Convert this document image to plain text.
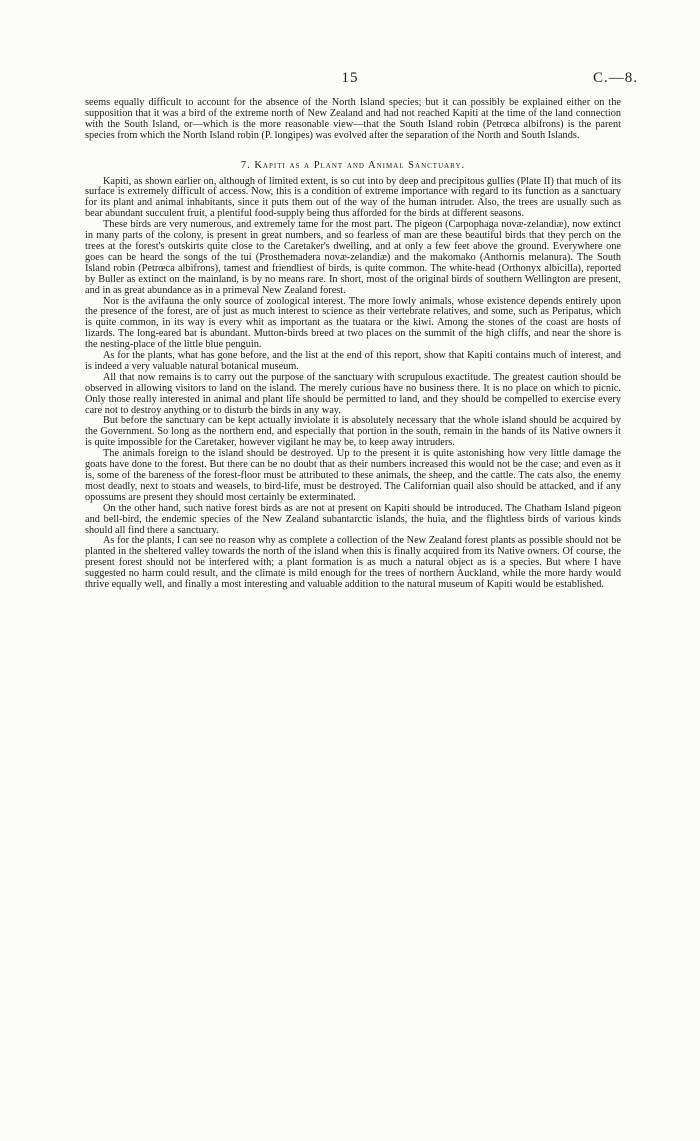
15	C.—8.

seems equally difficult to account for the absence of the North Island species; but it can possibly be explained either on the supposition that it was a bird of the extreme north of New Zealand and had not reached Kapiti at the time of the land connection with the South Island, or—which is the more reasonable view—that the South Island robin (Petrœca albifrons) is the parent species from which the North Island robin (P. longipes) was evolved after the separation of the North and South Islands.

7. Kapiti as a Plant and Animal Sanctuary.

Kapiti, as shown earlier on, although of limited extent, is so cut into by deep and precipitous gullies (Plate II) that much of its surface is extremely difficult of access. Now, this is a condition of extreme importance with regard to its function as a sanctuary for its plant and animal inhabitants, since it puts them out of the way of the human intruder. Also, the trees are usually such as bear abundant succulent fruit, a plentiful food-supply being thus afforded for the birds at different seasons.

These birds are very numerous, and extremely tame for the most part. The pigeon (Carpophaga novæ-zelandiæ), now extinct in many parts of the colony, is present in great numbers, and so fearless of man are these beautiful birds that they perch on the trees at the forest's outskirts quite close to the Caretaker's dwelling, and at only a few feet above the ground. Everywhere one goes can be heard the songs of the tui (Prosthemadera novæ-zelandiæ) and the makomako (Anthornis melanura). The South Island robin (Petrœca albifrons), tamest and friendliest of birds, is quite common. The white-head (Orthonyx albicilla), reported by Buller as extinct on the mainland, is by no means rare. In short, most of the original birds of southern Wellington are present, and in as great abundance as in a primeval New Zealand forest.

Nor is the avifauna the only source of zoological interest. The more lowly animals, whose existence depends entirely upon the presence of the forest, are of just as much interest to science as their vertebrate relatives, and some, such as Peripatus, which is quite common, in its way is every whit as important as the tuatara or the kiwi. Among the stones of the coast are hosts of lizards. The long-eared bat is abundant. Mutton-birds breed at two places on the summit of the high cliffs, and near the shore is the nesting-place of the little blue penguin.

As for the plants, what has gone before, and the list at the end of this report, show that Kapiti contains much of interest, and is indeed a very valuable natural botanical museum.

All that now remains is to carry out the purpose of the sanctuary with scrupulous exactitude. The greatest caution should be observed in allowing visitors to land on the island. The merely curious have no business there. It is no place on which to picnic. Only those really interested in animal and plant life should be permitted to land, and they should be compelled to exercise every care not to destroy anything or to disturb the birds in any way.

But before the sanctuary can be kept actually inviolate it is absolutely necessary that the whole island should be acquired by the Government. So long as the northern end, and especially that portion in the south, remain in the hands of its Native owners it is quite impossible for the Caretaker, however vigilant he may be, to keep away intruders.

The animals foreign to the island should be destroyed. Up to the present it is quite astonishing how very little damage the goats have done to the forest. But there can be no doubt that as their numbers increased this would not be the case; and even as it is, some of the bareness of the forest-floor must be attributed to these animals, the sheep, and the cattle. The cats also, the enemy most deadly, next to stoats and weasels, to bird-life, must be destroyed. The Californian quail also should be attacked, and if any opossums are present they should most certainly be exterminated.

On the other hand, such native forest birds as are not at present on Kapiti should be introduced. The Chatham Island pigeon and bell-bird, the endemic species of the New Zealand subantarctic islands, the huia, and the flightless birds of various kinds should all find there a sanctuary.

As for the plants, I can see no reason why as complete a collection of the New Zealand forest plants as possible should not be planted in the sheltered valley towards the north of the island when this is finally acquired from its Native owners. Of course, the present forest should not be interfered with; a plant formation is as much a natural object as is a species. But where I have suggested no harm could result, and the climate is mild enough for the trees of northern Auckland, while the more hardy would thrive equally well, and finally a most interesting and valuable addition to the natural museum of Kapiti would be established.
